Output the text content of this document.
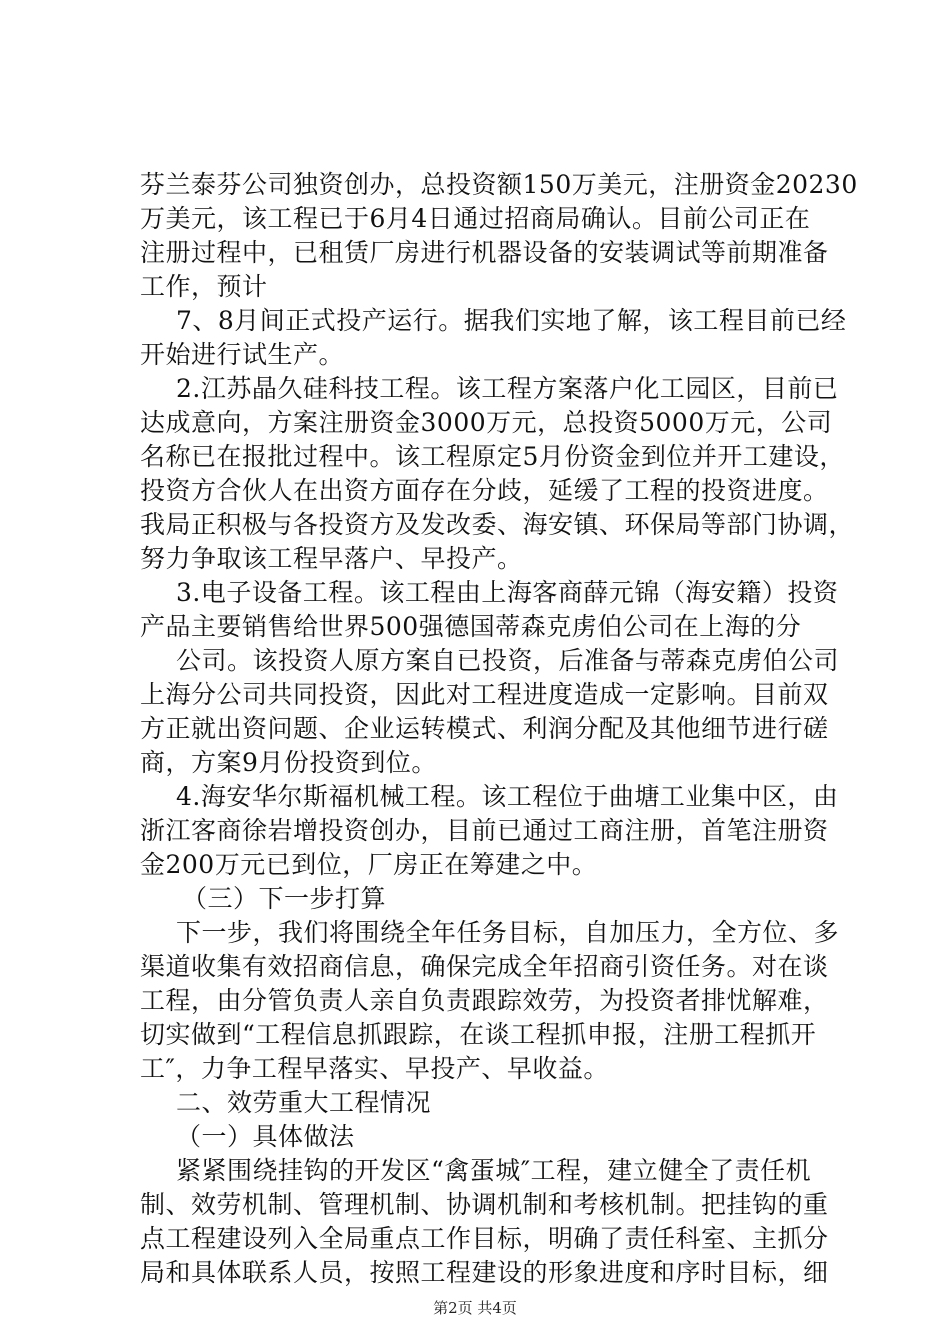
芬兰泰芬公司独资创办，总投资额150万美元，注册资金20230
万美元，该工程已于6月4日通过招商局确认。目前公司正在
注册过程中，已租赁厂房进行机器设备的安装调试等前期准备
工作，预计
7、8月间正式投产运行。据我们实地了解，该工程目前已经
开始进行试生产。
2.江苏晶久硅科技工程。该工程方案落户化工园区，目前已
达成意向，方案注册资金3000万元，总投资5000万元，公司
名称已在报批过程中。该工程原定5月份资金到位并开工建设，
投资方合伙人在出资方面存在分歧，延缓了工程的投资进度。
我局正积极与各投资方及发改委、海安镇、环保局等部门协调，
努力争取该工程早落户、早投产。
3.电子设备工程。该工程由上海客商薛元锦（海安籍）投资
产品主要销售给世界500强德国蒂森克虏伯公司在上海的分
公司。该投资人原方案自已投资，后准备与蒂森克虏伯公司
上海分公司共同投资，因此对工程进度造成一定影响。目前双
方正就出资问题、企业运转模式、利润分配及其他细节进行磋
商，方案9月份投资到位。
4.海安华尔斯福机械工程。该工程位于曲塘工业集中区，由
浙江客商徐岩增投资创办，目前已通过工商注册，首笔注册资
金200万元已到位，厂房正在筹建之中。
（三）下一步打算
下一步，我们将围绕全年任务目标，自加压力，全方位、多
渠道收集有效招商信息，确保完成全年招商引资任务。对在谈
工程，由分管负责人亲自负责跟踪效劳，为投资者排忧解难，
切实做到“工程信息抓跟踪，在谈工程抓申报，注册工程抓开
工″，力争工程早落实、早投产、早收益。
二、效劳重大工程情况
（一）具体做法
紧紧围绕挂钩的开发区“禽蛋城″工程，建立健全了责任机
制、效劳机制、管理机制、协调机制和考核机制。把挂钩的重
点工程建设列入全局重点工作目标，明确了责任科室、主抓分
局和具体联系人员，按照工程建设的形象进度和序时目标，细
第2页 共4页
